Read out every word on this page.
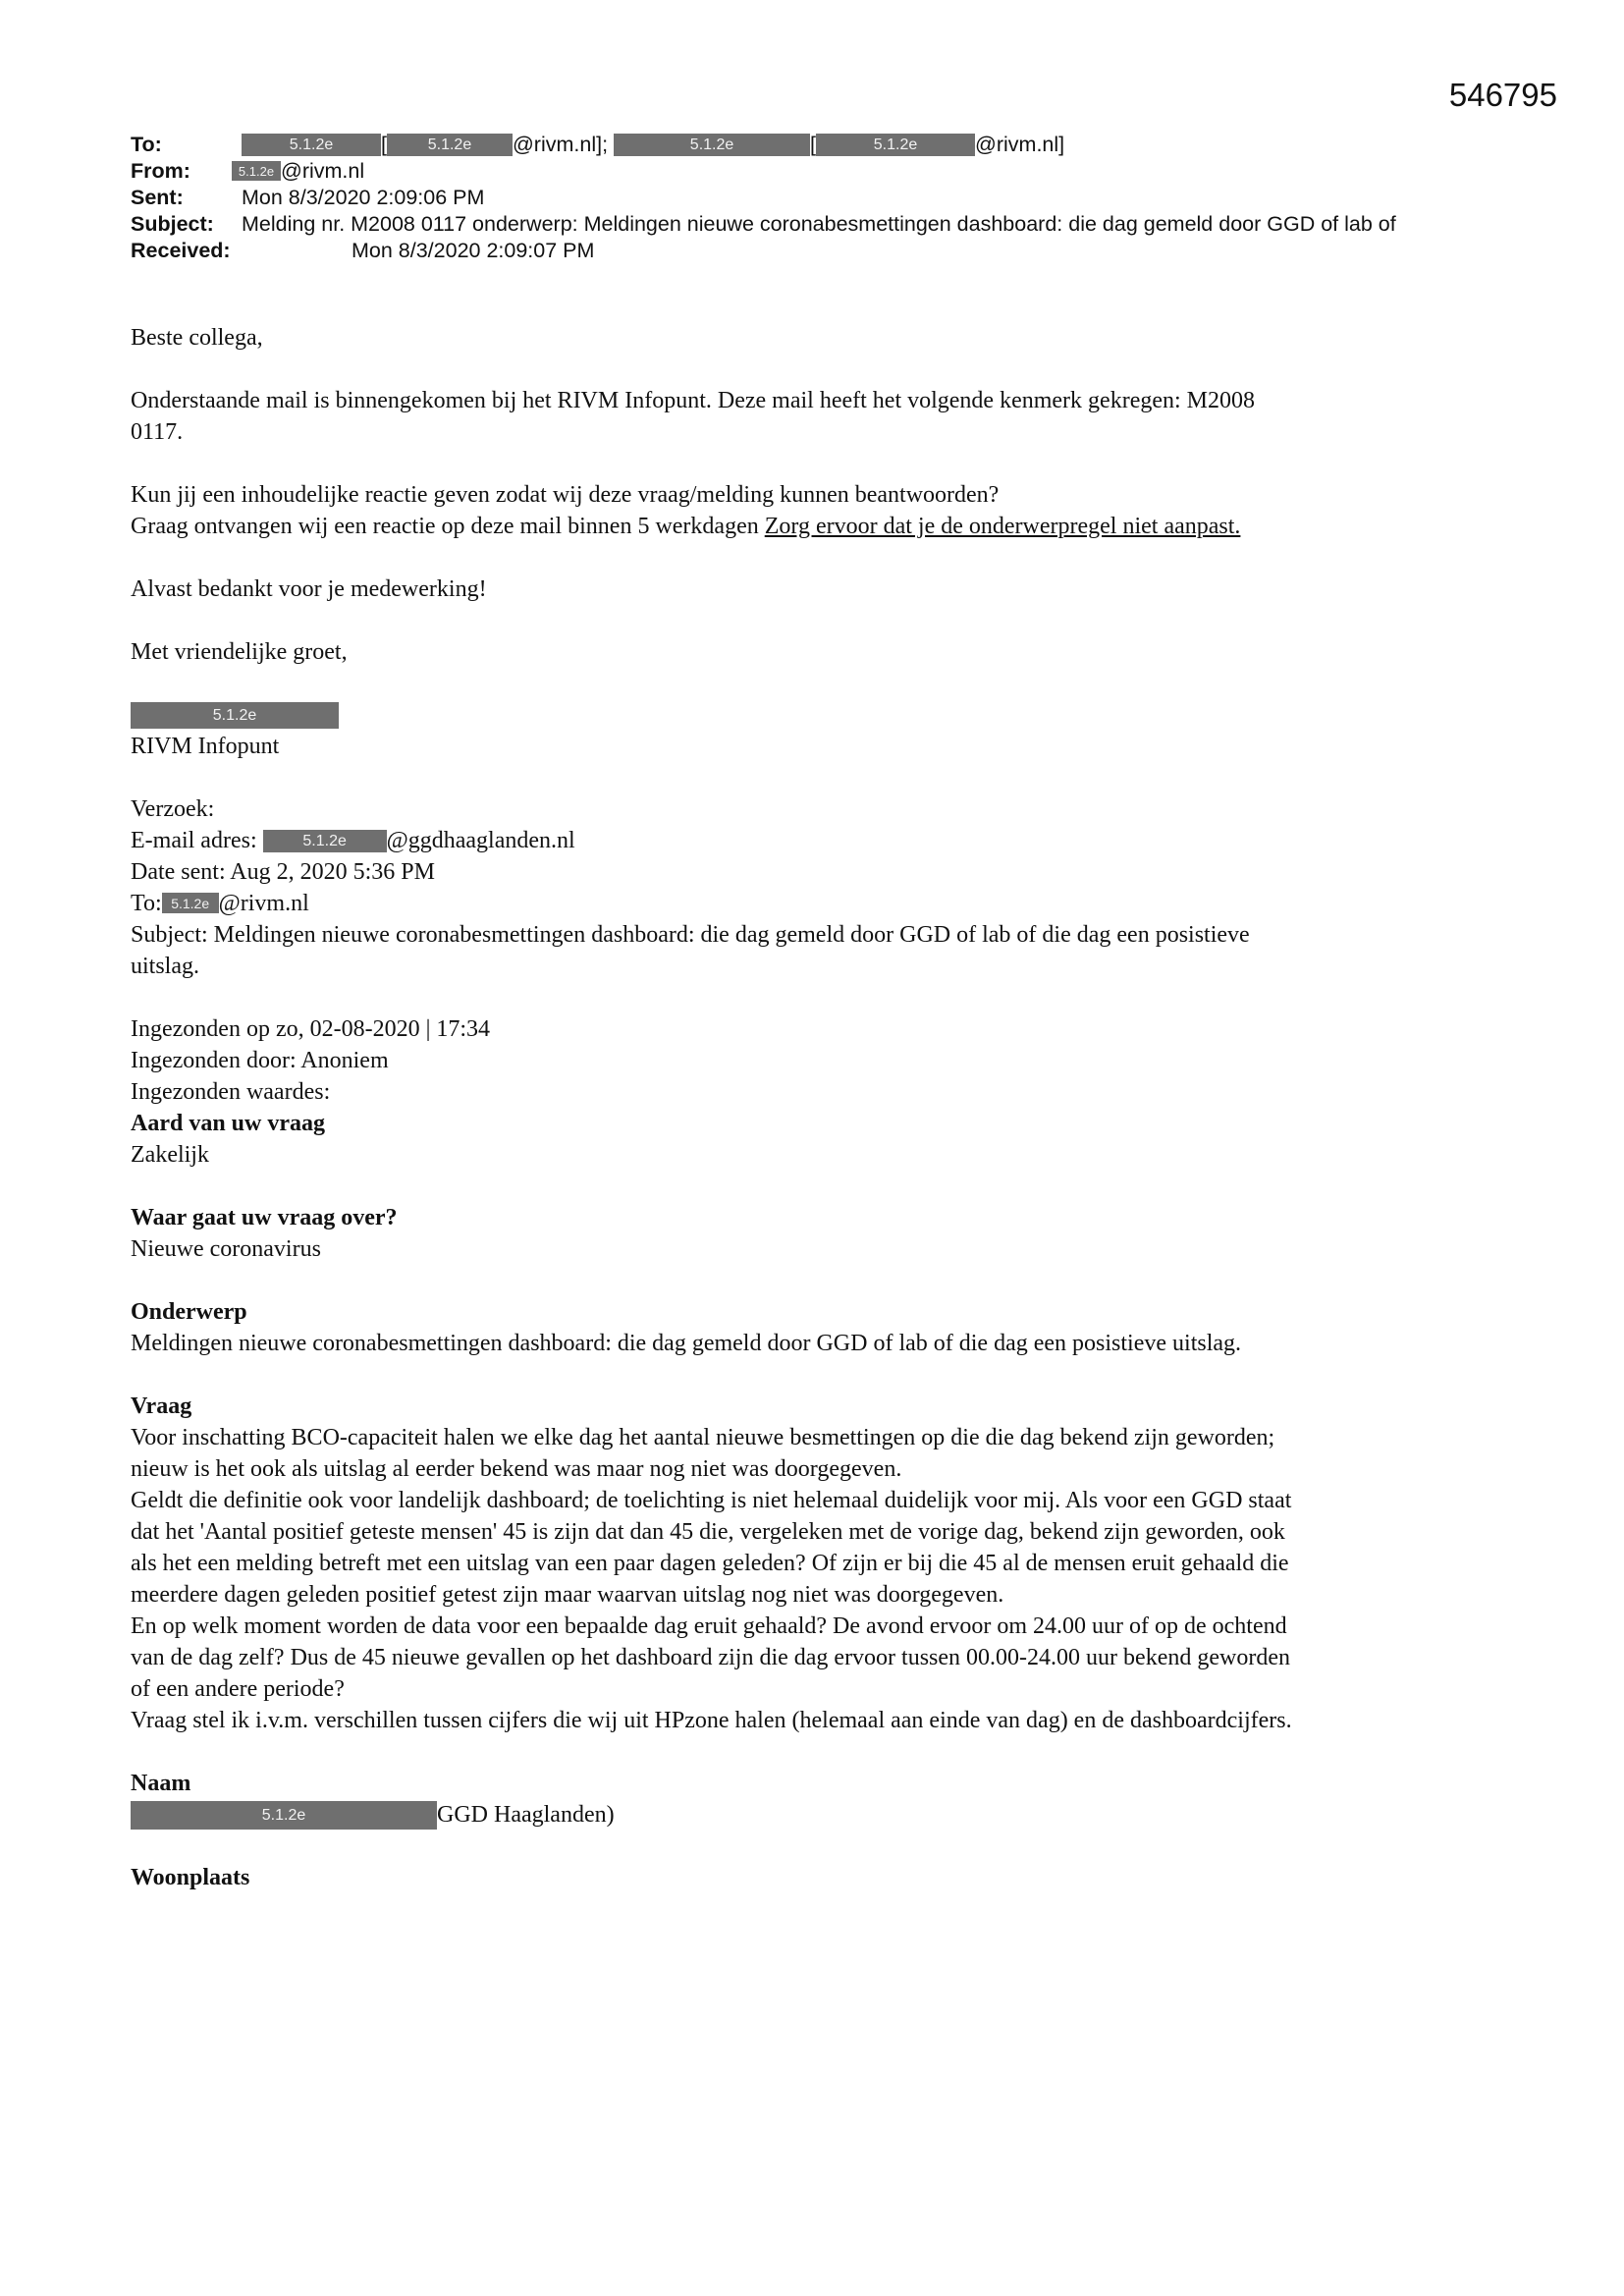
546795
To:	5.1.2e [	5.1.2e @rivm.nl];	5.1.2e	[	5.1.2e	@rivm.nl]
From:	5.1.2e @rivm.nl
Sent:	Mon 8/3/2020 2:09:06 PM
Subject: Melding nr. M2008 0117 onderwerp: Meldingen nieuwe coronabesmettingen dashboard: die dag gemeld door GGD of lab of
Received:	Mon 8/3/2020 2:09:07 PM

Beste collega,

Onderstaande mail is binnengekomen bij het RIVM Infopunt. Deze mail heeft het volgende kenmerk gekregen: M2008

0117.

Kun jij een inhoudelijke reactie geven zodat wij deze vraag/melding kunnen beantwoorden?

Graag ontvangen wij een reactie op deze mail binnen 5 werkdagen Zorg ervoor dat je de onderwerpregel niet aanpast.

Alvast bedankt voor je medewerking!

Met vriendelijke groet,

5.1.2e

RIVM Infopunt

Verzoek:

E-mail adres:	5.1.2e @ggdhaaglanden.nl

Date sent: Aug 2, 2020 5:36 PM

To: 5.1.2e @rivm.nl

Subject: Meldingen nieuwe coronabesmettingen dashboard: die dag gemeld door GGD of lab of die dag een posistieve

uitslag.

Ingezonden op zo, 02-08-2020 | 17:34

Ingezonden door: Anoniem

Ingezonden waardes:

Aard van uw vraag

Zakelijk

Waar gaat uw vraag over?

Nieuwe coronavirus

Onderwerp

Meldingen nieuwe coronabesmettingen dashboard: die dag gemeld door GGD of lab of die dag een posistieve uitslag.

Vraag

Voor inschatting BCO-capaciteit halen we elke dag het aantal nieuwe besmettingen op die die dag bekend zijn geworden;

nieuw is het ook als uitslag al eerder bekend was maar nog niet was doorgegeven.

Geldt die definitie ook voor landelijk dashboard; de toelichting is niet helemaal duidelijk voor mij. Als voor een GGD staat

dat het 'Aantal positief geteste mensen' 45 is zijn dat dan 45 die, vergeleken met de vorige dag, bekend zijn geworden, ook

als het een melding betreft met een uitslag van een paar dagen geleden? Of zijn er bij die 45 al de mensen eruit gehaald die

meerdere dagen geleden positief getest zijn maar waarvan uitslag nog niet was doorgegeven.

En op welk moment worden de data voor een bepaalde dag eruit gehaald? De avond ervoor om 24.00 uur of op de ochtend

van de dag zelf? Dus de 45 nieuwe gevallen op het dashboard zijn die dag ervoor tussen 00.00-24.00 uur bekend geworden

of een andere periode?

Vraag stel ik i.v.m. verschillen tussen cijfers die wij uit HPzone halen (helemaal aan einde van dag) en de dashboardcijfers.

Naam

5.1.2e	GGD Haaglanden)

Woonplaats
